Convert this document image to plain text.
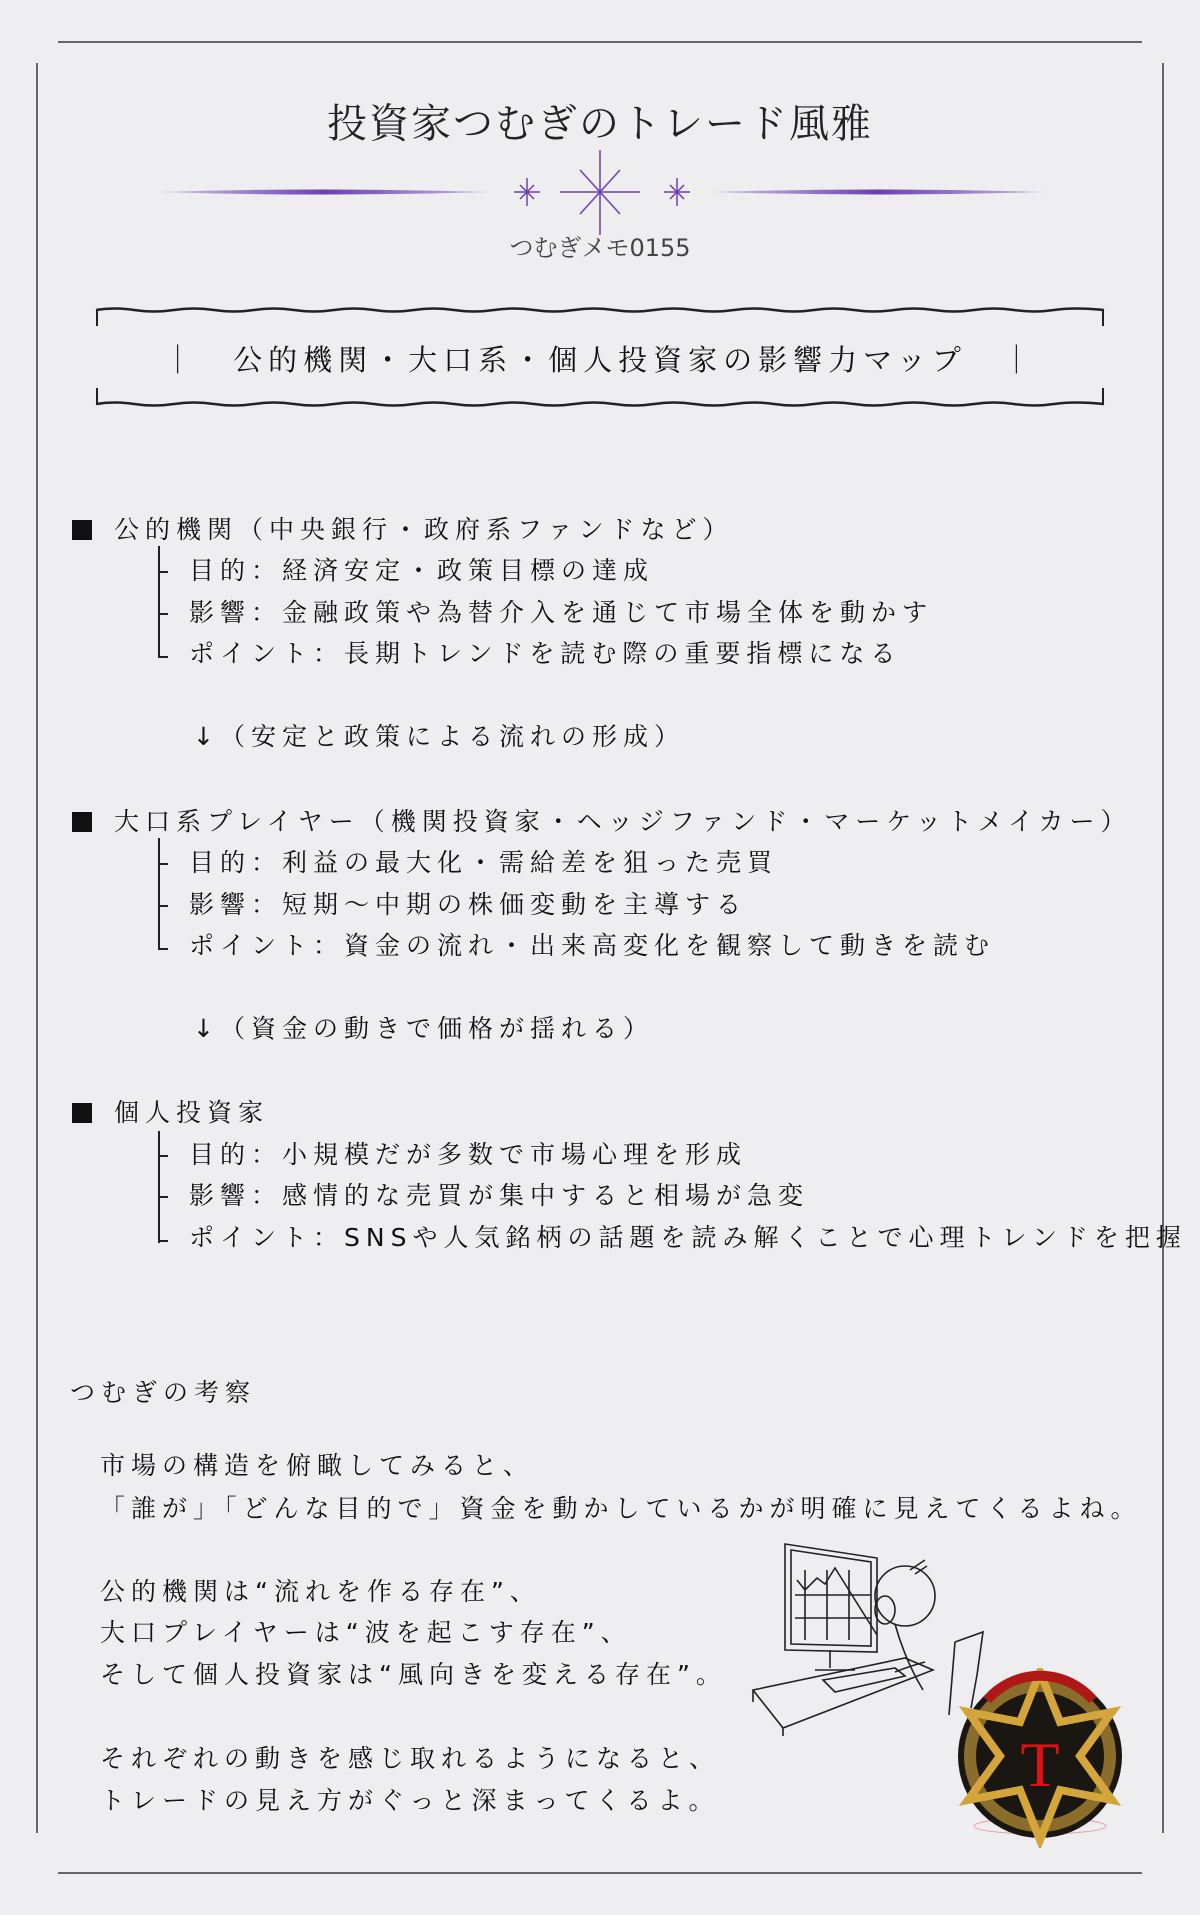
投資家つむぎのトレード風雅
つむぎメモ0155
｜　公的機関・大口系・個人投資家の影響力マップ　｜
公的機関（中央銀行・政府系ファンドなど）
目的：経済安定・政策目標の達成
影響：金融政策や為替介入を通じて市場全体を動かす
ポイント：長期トレンドを読む際の重要指標になる
↓（安定と政策による流れの形成）
大口系プレイヤー（機関投資家・ヘッジファンド・マーケットメイカー）
目的：利益の最大化・需給差を狙った売買
影響：短期〜中期の株価変動を主導する
ポイント：資金の流れ・出来高変化を観察して動きを読む
↓（資金の動きで価格が揺れる）
個人投資家
目的：小規模だが多数で市場心理を形成
影響：感情的な売買が集中すると相場が急変
ポイント：SNSや人気銘柄の話題を読み解くことで心理トレンドを把握
つむぎの考察
市場の構造を俯瞰してみると、
「誰が」「どんな目的で」資金を動かしているかが明確に見えてくるよね。
公的機関は“流れを作る存在”、
大口プレイヤーは“波を起こす存在”、
そして個人投資家は“風向きを変える存在”。
それぞれの動きを感じ取れるようになると、
トレードの見え方がぐっと深まってくるよ。
T
